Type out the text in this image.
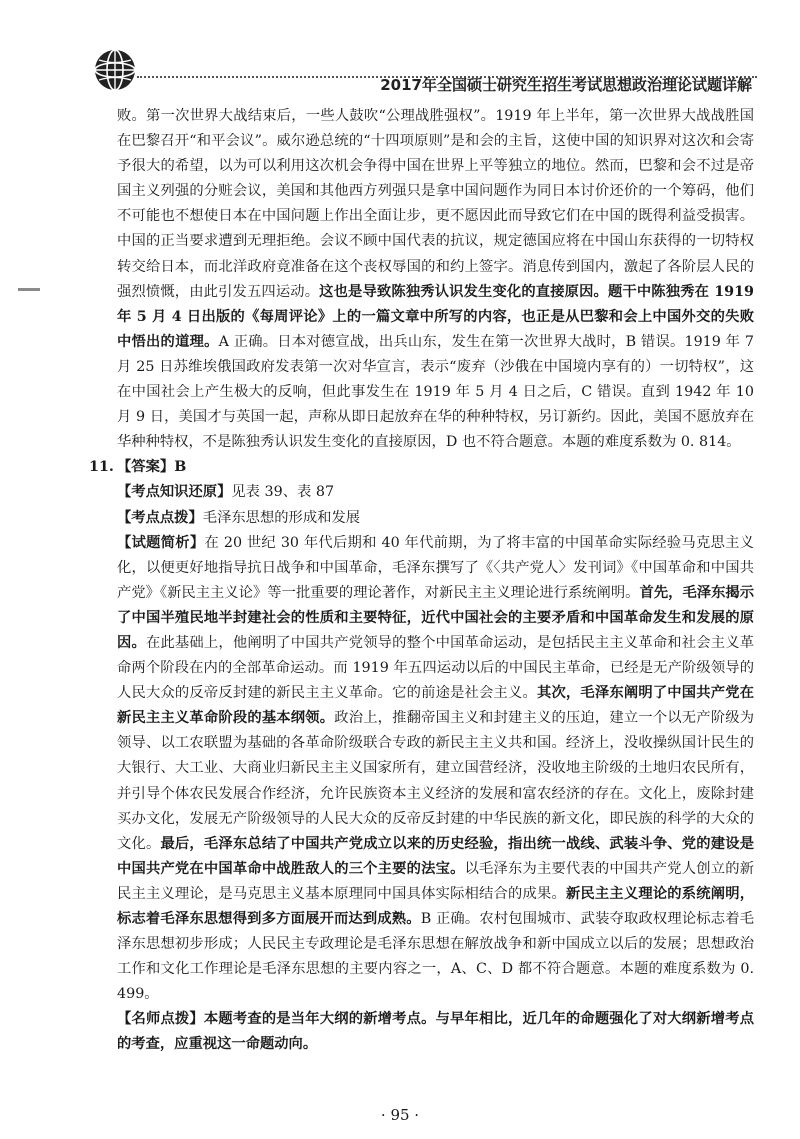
2017年全国硕士研究生招生考试思想政治理论试题详解

败。第一次世界大战结束后，一些人鼓吹“公理战胜强权”。1919 年上半年，第一次世界大战战胜国在巴黎召开“和平会议”。威尔逊总统的“十四项原则”是和会的主旨，这使中国的知识界对这次和会寄予很大的希望，以为可以利用这次机会争得中国在世界上平等独立的地位。然而，巴黎和会不过是帝国主义列强的分赃会议，美国和其他西方列强只是拿中国问题作为同日本讨价还价的一个筹码，他们不可能也不想使日本在中国问题上作出全面让步，更不愿因此而导致它们在中国的既得利益受损害。中国的正当要求遭到无理拒绝。会议不顾中国代表的抗议，规定德国应将在中国山东获得的一切特权转交给日本，而北洋政府竟准备在这个丧权辱国的和约上签字。消息传到国内，激起了各阶层人民的强烈愤慨，由此引发五四运动。这也是导致陈独秀认识发生变化的直接原因。题干中陈独秀在 1919 年 5 月 4 日出版的《每周评论》上的一篇文章中所写的内容，也正是从巴黎和会上中国外交的失败中悟出的道理。A 正确。日本对德宣战，出兵山东，发生在第一次世界大战时，B 错误。1919 年 7 月 25 日苏维埃俄国政府发表第一次对华宣言，表示“废弃（沙俄在中国境内享有的）一切特权”，这在中国社会上产生极大的反响，但此事发生在 1919 年 5 月 4 日之后，C 错误。直到 1942 年 10 月 9 日，美国才与英国一起，声称从即日起放弃在华的种种特权，另订新约。因此，美国不愿放弃在华种种特权，不是陈独秀认识发生变化的直接原因，D 也不符合题意。本题的难度系数为 0. 814。

11. 【答案】B

【考点知识还原】见表 39、表 87

【考点点拨】毛泽东思想的形成和发展

【试题简析】在 20 世纪 30 年代后期和 40 年代前期，为了将丰富的中国革命实际经验马克思主义化，以便更好地指导抗日战争和中国革命，毛泽东撰写了《〈共产党人〉发刊词》《中国革命和中国共产党》《新民主主义论》等一批重要的理论著作，对新民主主义理论进行系统阐明。首先，毛泽东揭示了中国半殖民地半封建社会的性质和主要特征，近代中国社会的主要矛盾和中国革命发生和发展的原因。在此基础上，他阐明了中国共产党领导的整个中国革命运动，是包括民主主义革命和社会主义革命两个阶段在内的全部革命运动。而 1919 年五四运动以后的中国民主革命，已经是无产阶级领导的人民大众的反帝反封建的新民主主义革命。它的前途是社会主义。其次，毛泽东阐明了中国共产党在新民主主义革命阶段的基本纲领。政治上，推翻帝国主义和封建主义的压迫，建立一个以无产阶级为领导、以工农联盟为基础的各革命阶级联合专政的新民主主义共和国。经济上，没收操纵国计民生的大银行、大工业、大商业归新民主主义国家所有，建立国营经济，没收地主阶级的土地归农民所有，并引导个体农民发展合作经济，允许民族资本主义经济的发展和富农经济的存在。文化上，废除封建买办文化，发展无产阶级领导的人民大众的反帝反封建的中华民族的新文化，即民族的科学的大众的文化。最后，毛泽东总结了中国共产党成立以来的历史经验，指出统一战线、武装斗争、党的建设是中国共产党在中国革命中战胜敌人的三个主要的法宝。以毛泽东为主要代表的中国共产党人创立的新民主主义理论，是马克思主义基本原理同中国具体实际相结合的成果。新民主主义理论的系统阐明，标志着毛泽东思想得到多方面展开而达到成熟。B 正确。农村包围城市、武装夺取政权理论标志着毛泽东思想初步形成；人民民主专政理论是毛泽东思想在解放战争和新中国成立以后的发展；思想政治工作和文化工作理论是毛泽东思想的主要内容之一，A、C、D 都不符合题意。本题的难度系数为 0. 499。

【名师点拨】本题考查的是当年大纲的新增考点。与早年相比，近几年的命题强化了对大纲新增考点的考查，应重视这一命题动向。

· 95 ·
